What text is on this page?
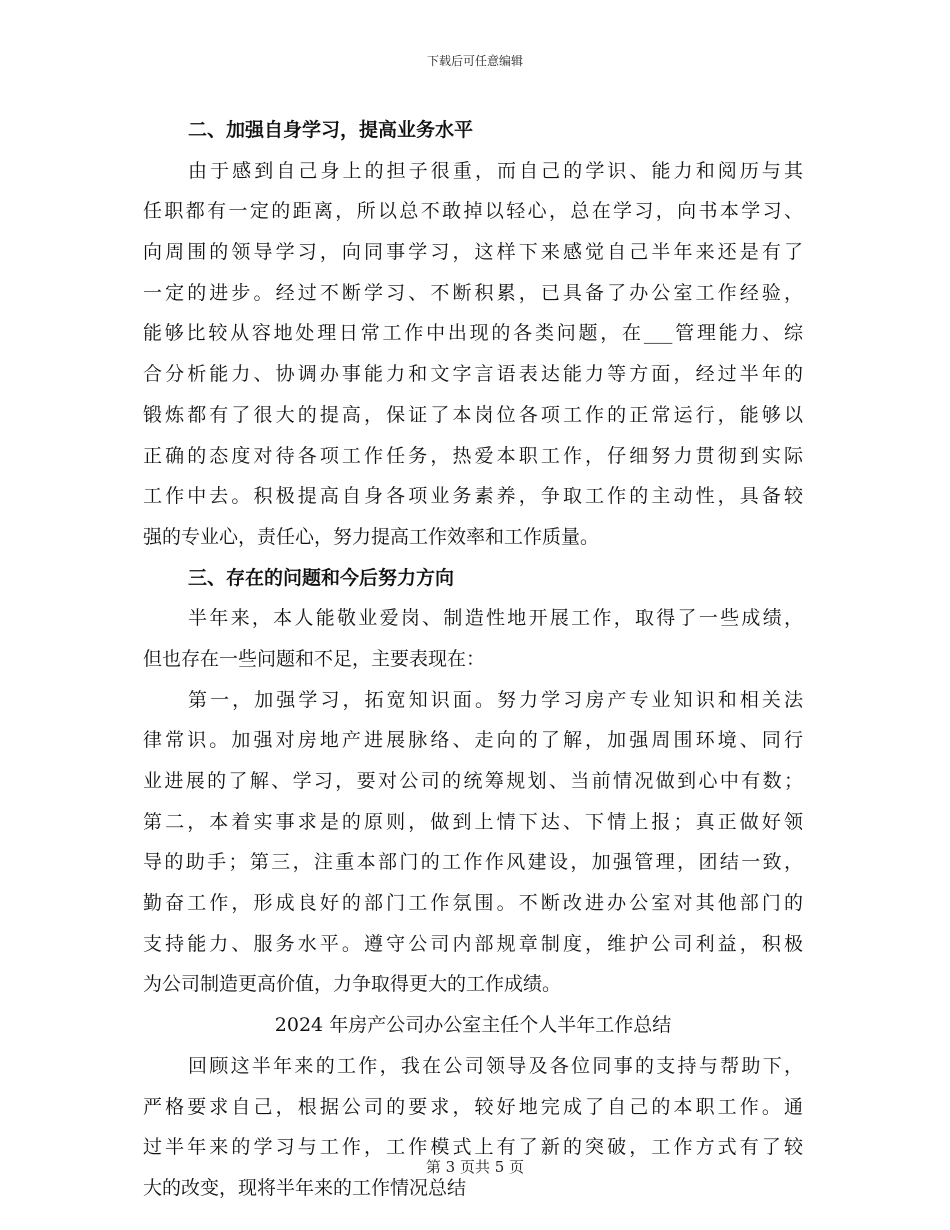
下载后可任意编辑
二、加强自身学习，提高业务水平
由于感到自己身上的担子很重，而自己的学识、能力和阅历与其
任职都有一定的距离，所以总不敢掉以轻心，总在学习，向书本学习、
向周围的领导学习，向同事学习，这样下来感觉自己半年来还是有了
一定的进步。经过不断学习、不断积累，已具备了办公室工作经验，
能够比较从容地处理日常工作中出现的各类问题，在___管理能力、综
合分析能力、协调办事能力和文字言语表达能力等方面，经过半年的
锻炼都有了很大的提高，保证了本岗位各项工作的正常运行，能够以
正确的态度对待各项工作任务，热爱本职工作，仔细努力贯彻到实际
工作中去。积极提高自身各项业务素养，争取工作的主动性，具备较
强的专业心，责任心，努力提高工作效率和工作质量。
三、存在的问题和今后努力方向
半年来，本人能敬业爱岗、制造性地开展工作，取得了一些成绩，
但也存在一些问题和不足，主要表现在：
第一，加强学习，拓宽知识面。努力学习房产专业知识和相关法
律常识。加强对房地产进展脉络、走向的了解，加强周围环境、同行
业进展的了解、学习，要对公司的统筹规划、当前情况做到心中有数；
第二，本着实事求是的原则，做到上情下达、下情上报；真正做好领
导的助手；第三，注重本部门的工作作风建设，加强管理，团结一致，
勤奋工作，形成良好的部门工作氛围。不断改进办公室对其他部门的
支持能力、服务水平。遵守公司内部规章制度，维护公司利益，积极
为公司制造更高价值，力争取得更大的工作成绩。
2024 年房产公司办公室主任个人半年工作总结
回顾这半年来的工作，我在公司领导及各位同事的支持与帮助下，
严格要求自己，根据公司的要求，较好地完成了自己的本职工作。通
过半年来的学习与工作，工作模式上有了新的突破，工作方式有了较
大的改变，现将半年来的工作情况总结
第 3 页共 5 页
